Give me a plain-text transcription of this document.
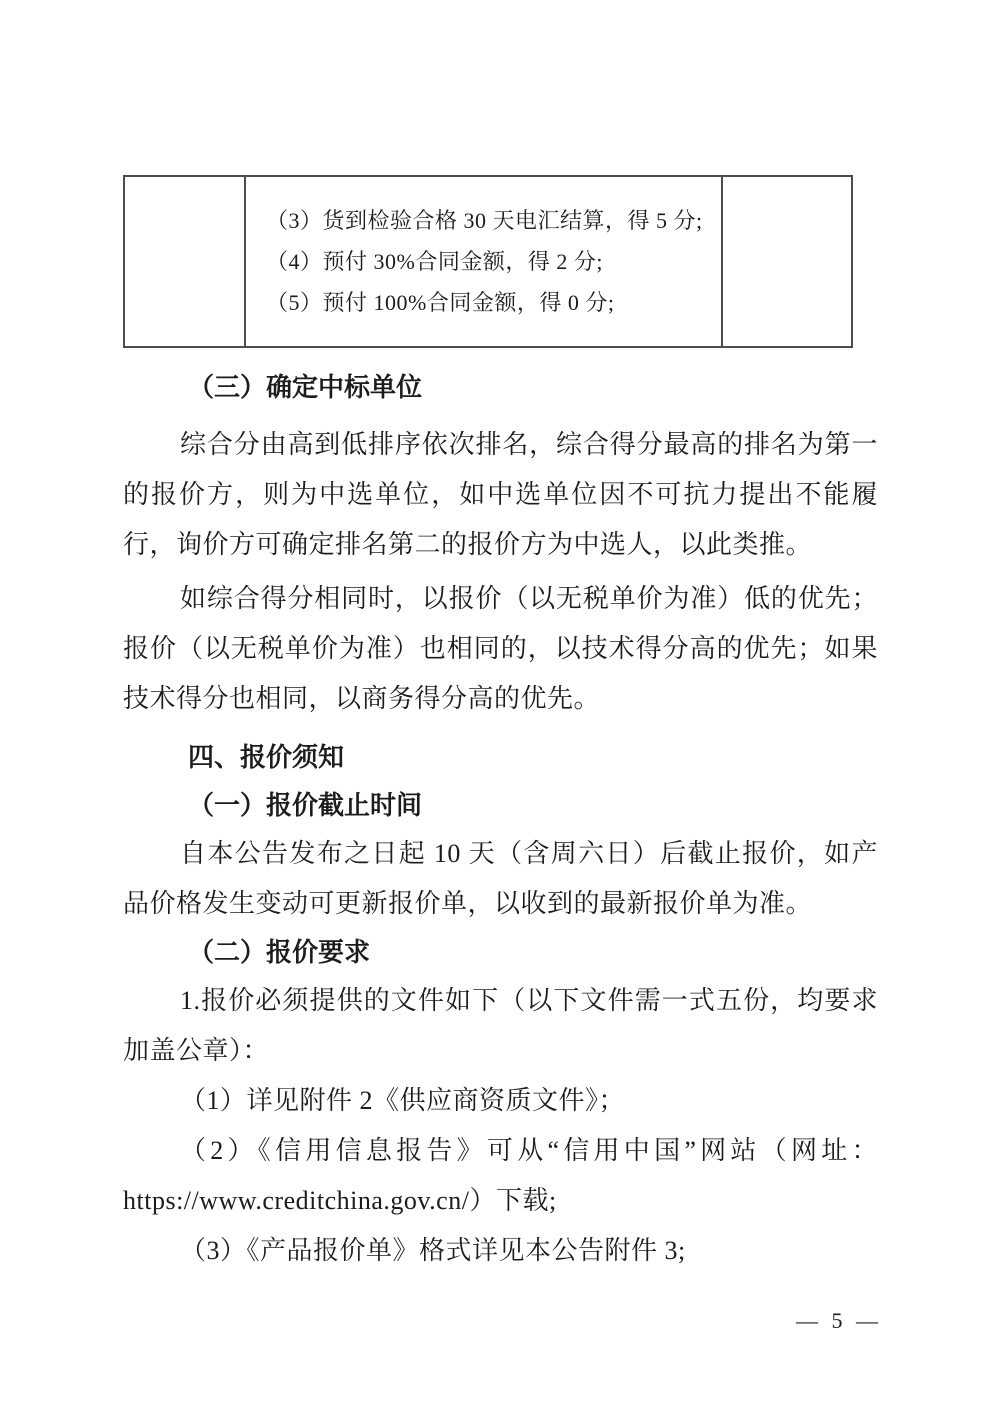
（3）货到检验合格 30 天电汇结算，得 5 分;
（4）预付 30%合同金额，得 2 分;
（5）预付 100%合同金额，得 0 分;

（三）确定中标单位

综合分由高到低排序依次排名，综合得分最高的排名为第一的报价方，则为中选单位，如中选单位因不可抗力提出不能履行，询价方可确定排名第二的报价方为中选人，以此类推。

如综合得分相同时，以报价（以无税单价为准）低的优先；报价（以无税单价为准）也相同的，以技术得分高的优先；如果技术得分也相同，以商务得分高的优先。

四、报价须知
（一）报价截止时间

自本公告发布之日起 10 天（含周六日）后截止报价，如产品价格发生变动可更新报价单，以收到的最新报价单为准。

（二）报价要求

1.报价必须提供的文件如下（以下文件需一式五份，均要求加盖公章）：

（1）详见附件 2《供应商资质文件》；

（2）《信用信息报告》可从“信用中国”网站（网址：https://www.creditchina.gov.cn/）下载;

（3）《产品报价单》格式详见本公告附件 3;

— 5 —
